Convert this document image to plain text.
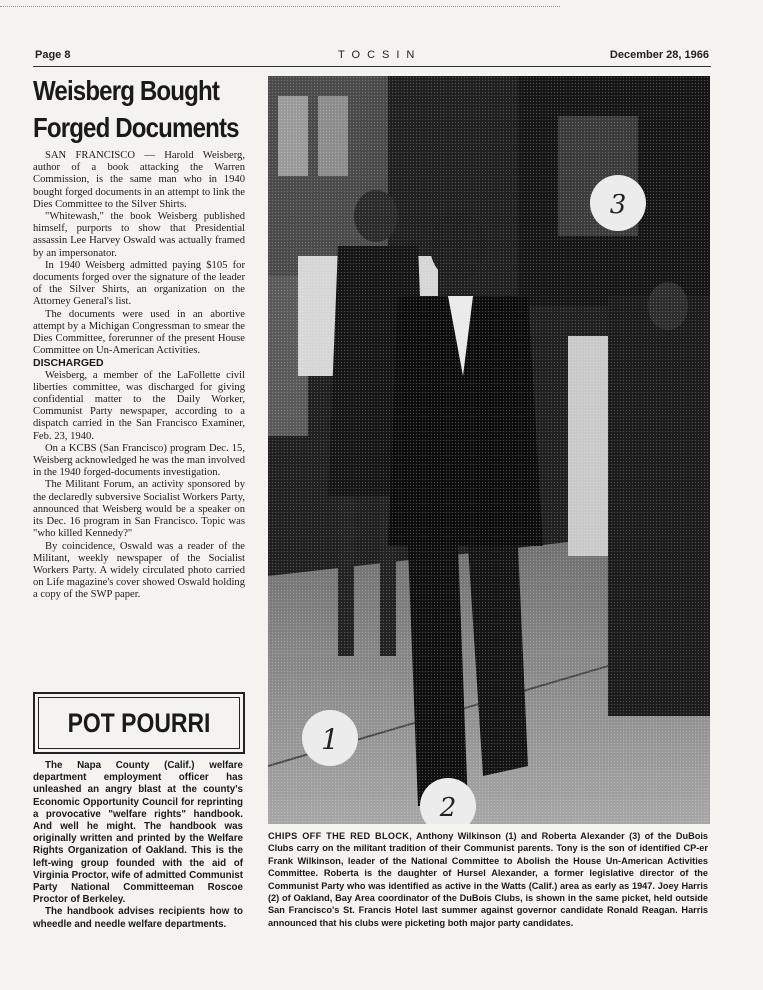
Page 8	TOCSIN	December 28, 1966
Weisberg Bought
Forged Documents

SAN FRANCISCO — Harold Weisberg, author of a book attacking the Warren Commission, is the same man who in 1940 bought forged documents in an attempt to link the Dies Committee to the Silver Shirts.

"Whitewash," the book Weisberg published himself, purports to show that Presidential assassin Lee Harvey Oswald was actually framed by an impersonator.

In 1940 Weisberg admitted paying $105 for documents forged over the signature of the leader of the Silver Shirts, an organization on the Attorney General's list.

The documents were used in an abortive attempt by a Michigan Congressman to smear the Dies Committee, forerunner of the present House Committee on Un-American Activities.

DISCHARGED

Weisberg, a member of the LaFollette civil liberties committee, was discharged for giving confidential matter to the Daily Worker, Communist Party newspaper, according to a dispatch carried in the San Francisco Examiner, Feb. 23, 1940.

On a KCBS (San Francisco) program Dec. 15, Weisberg acknowledged he was the man involved in the 1940 forged-documents investigation.

The Militant Forum, an activity sponsored by the declaredly subversive Socialist Workers Party, announced that Weisberg would be a speaker on its Dec. 16 program in San Francisco. Topic was "who killed Kennedy?"

By coincidence, Oswald was a reader of the Militant, weekly newspaper of the Socialist Workers Party. A widely circulated photo carried on Life magazine's cover showed Oswald holding a copy of the SWP paper.

POT POURRI

The Napa County (Calif.) welfare department employment officer has unleashed an angry blast at the county's Economic Opportunity Council for reprinting a provocative "welfare rights" handbook. And well he might. The handbook was originally written and printed by the Welfare Rights Organization of Oakland. This is the left-wing group founded with the aid of Virginia Proctor, wife of admitted Communist Party National Committeeman Roscoe Proctor of Berkeley.

The handbook advises recipients how to wheedle and needle welfare departments.

1
2
3
CHIPS OFF THE RED BLOCK, Anthony Wilkinson (1) and Roberta Alexander (3) of the DuBois Clubs carry on the militant tradition of their Communist parents. Tony is the son of identified CP-er Frank Wilkinson, leader of the National Committee to Abolish the House Un-American Activities Committee. Roberta is the daughter of Hursel Alexander, a former legislative director of the Communist Party who was identified as active in the Watts (Calif.) area as early as 1947. Joey Harris (2) of Oakland, Bay Area coordinator of the DuBois Clubs, is shown in the same picket, held outside San Francisco's St. Francis Hotel last summer against governor candidate Ronald Reagan. Harris announced that his clubs were picketing both major party candidates.
